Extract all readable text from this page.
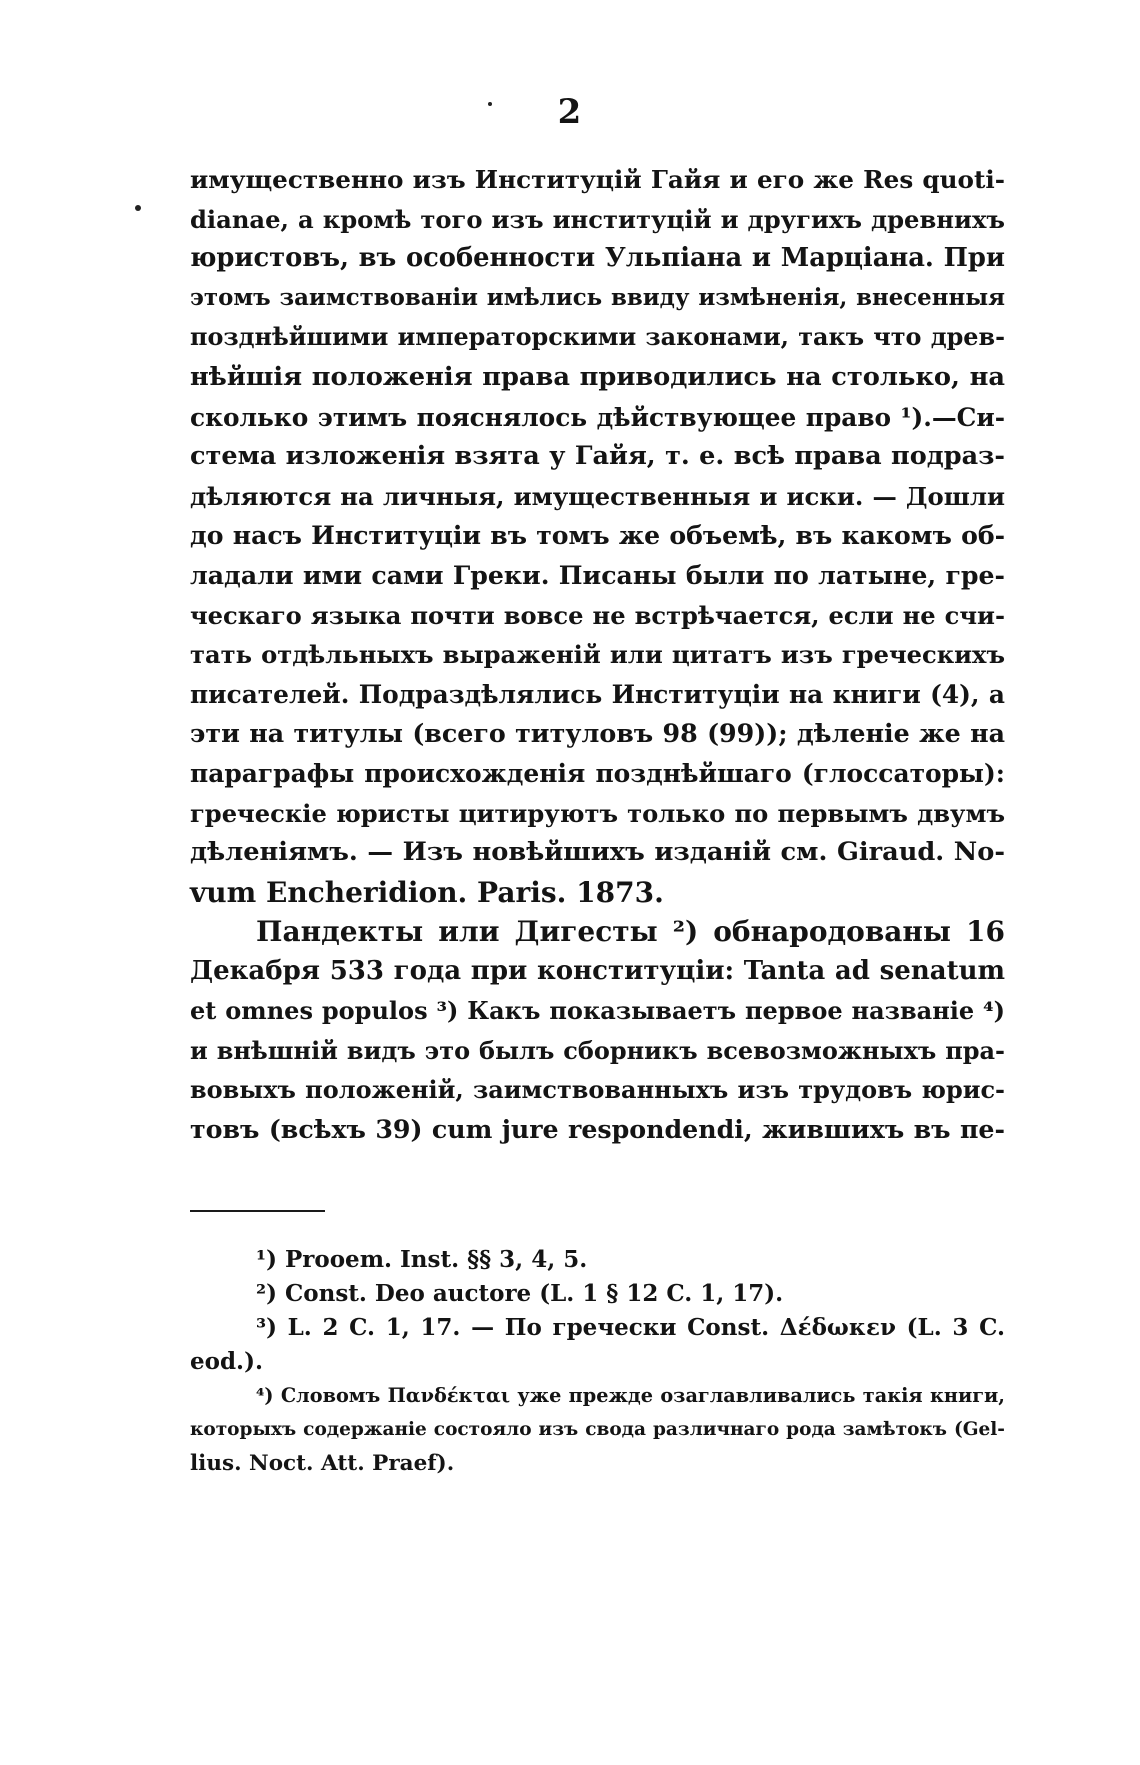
2
имущественно изъ Институцій Гайя и его же Res quoti-
dianae, а кромѣ того изъ институцій и другихъ древнихъ
юристовъ, въ особенности Ульпіана и Марціана. При
этомъ заимствованіи имѣлись ввиду измѣненія, внесенныя
позднѣйшими императорскими законами, такъ что древ-
нѣйшія положенія права приводились на столько, на
сколько этимъ пояснялось дѣйствующее право ¹).—Си-
стема изложенія взята у Гайя, т. е. всѣ права подраз-
дѣляются на личныя, имущественныя и иски. — Дошли
до насъ Институціи въ томъ же объемѣ, въ какомъ об-
ладали ими сами Греки. Писаны были по латыне, гре-
ческаго языка почти вовсе не встрѣчается, если не счи-
тать отдѣльныхъ выраженій или цитатъ изъ греческихъ
писателей. Подраздѣлялись Институціи на книги (4), а
эти на титулы (всего титуловъ 98 (99)); дѣленіе же на
параграфы происхожденія позднѣйшаго (глоссаторы):
греческіе юристы цитируютъ только по первымъ двумъ
дѣленіямъ. — Изъ новѣйшихъ изданій см. Giraud. No-
vum Encheridion. Paris. 1873.
Пандекты или Дигесты ²) обнародованы 16
Декабря 533 года при конституціи: Tanta ad senatum
et omnes populos ³) Какъ показываетъ первое названіе ⁴)
и внѣшній видъ это былъ сборникъ всевозможныхъ пра-
вовыхъ положеній, заимствованныхъ изъ трудовъ юрис-
товъ (всѣхъ 39) cum jure respondendi, жившихъ въ пе-
¹) Prooem. Inst. §§ 3, 4, 5.
²) Const. Deo auctore (L. 1 § 12 C. 1, 17).
³) L. 2 C. 1, 17. — По гречески Const. Δέδωκεν (L. 3 C.
eod.).
⁴) Словомъ Πανδέκται уже прежде озаглавливались такія книги,
которыхъ содержаніе состояло изъ свода различнаго рода замѣтокъ (Gel-
lius. Noct. Att. Praef).
